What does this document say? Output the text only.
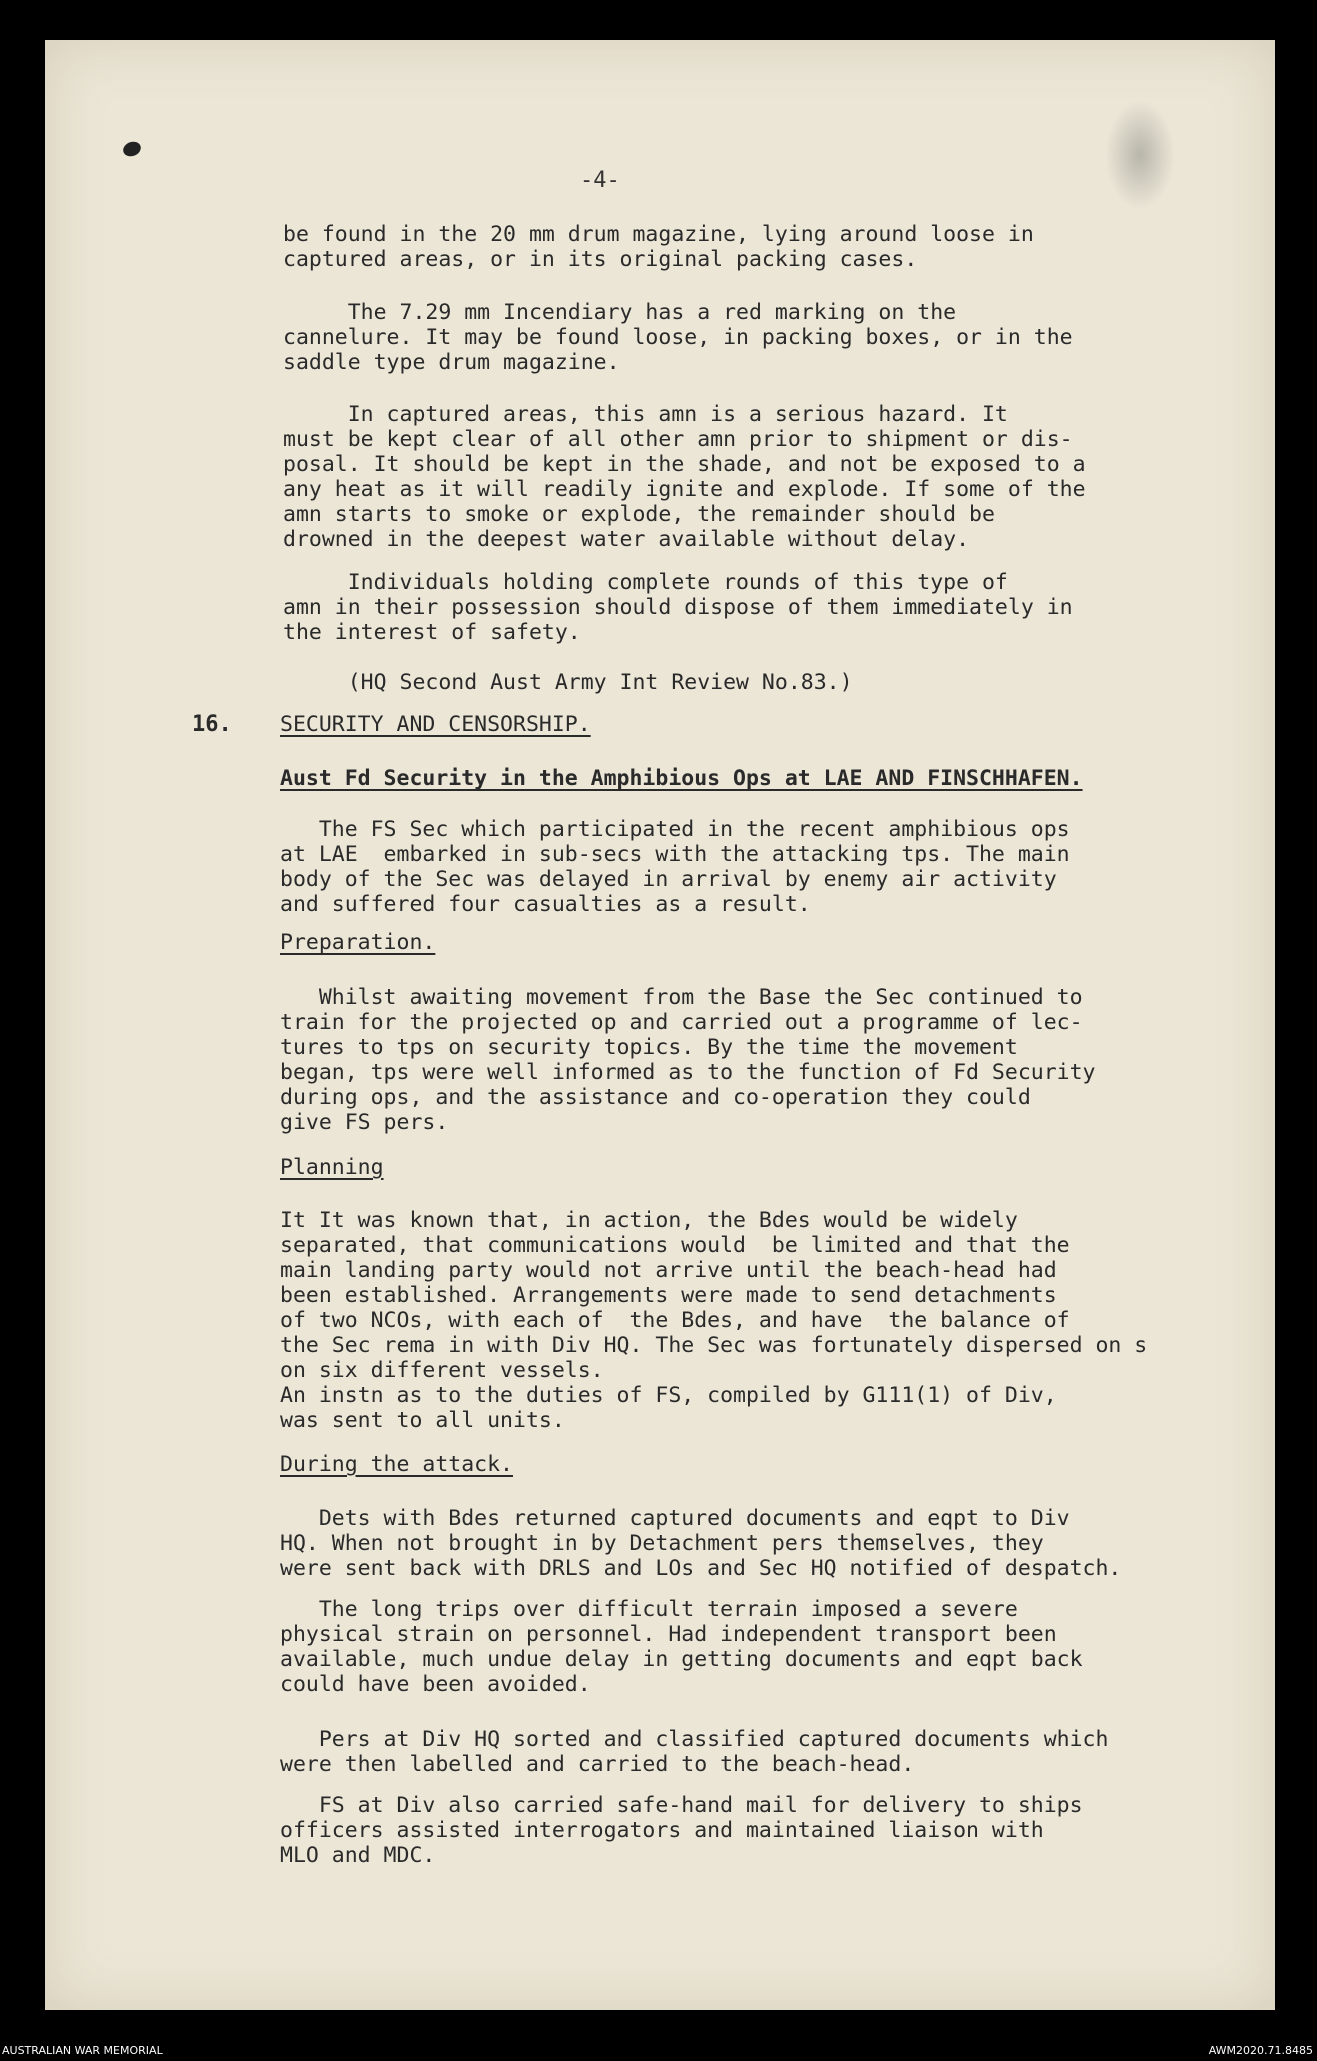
-4-
be found in the 20 mm drum magazine, lying around loose in
captured areas, or in its original packing cases.
The 7.29 mm Incendiary has a red marking on the
cannelure. It may be found loose, in packing boxes, or in the
saddle type drum magazine.
In captured areas, this amn is a serious hazard. It
must be kept clear of all other amn prior to shipment or dis-
posal. It should be kept in the shade, and not be exposed to a
any heat as it will readily ignite and explode. If some of the
amn starts to smoke or explode, the remainder should be
drowned in the deepest water available without delay.
Individuals holding complete rounds of this type of
amn in their possession should dispose of them immediately in
the interest of safety.
(HQ Second Aust Army Int Review No.83.)
16. SECURITY AND CENSORSHIP.
Aust Fd Security in the Amphibious Ops at LAE AND FINSCHHAFEN.
The FS Sec which participated in the recent amphibious ops
at LAE  embarked in sub-secs with the attacking tps. The main
body of the Sec was delayed in arrival by enemy air activity
and suffered four casualties as a result.
Preparation.
Whilst awaiting movement from the Base the Sec continued to
train for the projected op and carried out a programme of lec-
tures to tps on security topics. By the time the movement
began, tps were well informed as to the function of Fd Security
during ops, and the assistance and co-operation they could
give FS pers.
Planning
It It was known that, in action, the Bdes would be widely
separated, that communications would  be limited and that the
main landing party would not arrive until the beach-head had
been established. Arrangements were made to send detachments
of two NCOs, with each of  the Bdes, and have  the balance of
the Sec rema in with Div HQ. The Sec was fortunately dispersed on s
on six different vessels.
An instn as to the duties of FS, compiled by G111(1) of Div,
was sent to all units.
During the attack.
Dets with Bdes returned captured documents and eqpt to Div
HQ. When not brought in by Detachment pers themselves, they
were sent back with DRLS and LOs and Sec HQ notified of despatch.
The long trips over difficult terrain imposed a severe
physical strain on personnel. Had independent transport been
available, much undue delay in getting documents and eqpt back
could have been avoided.
Pers at Div HQ sorted and classified captured documents which
were then labelled and carried to the beach-head.
FS at Div also carried safe-hand mail for delivery to ships
officers assisted interrogators and maintained liaison with
MLO and MDC.
AUSTRALIAN WAR MEMORIAL	AWM2020.71.8485
